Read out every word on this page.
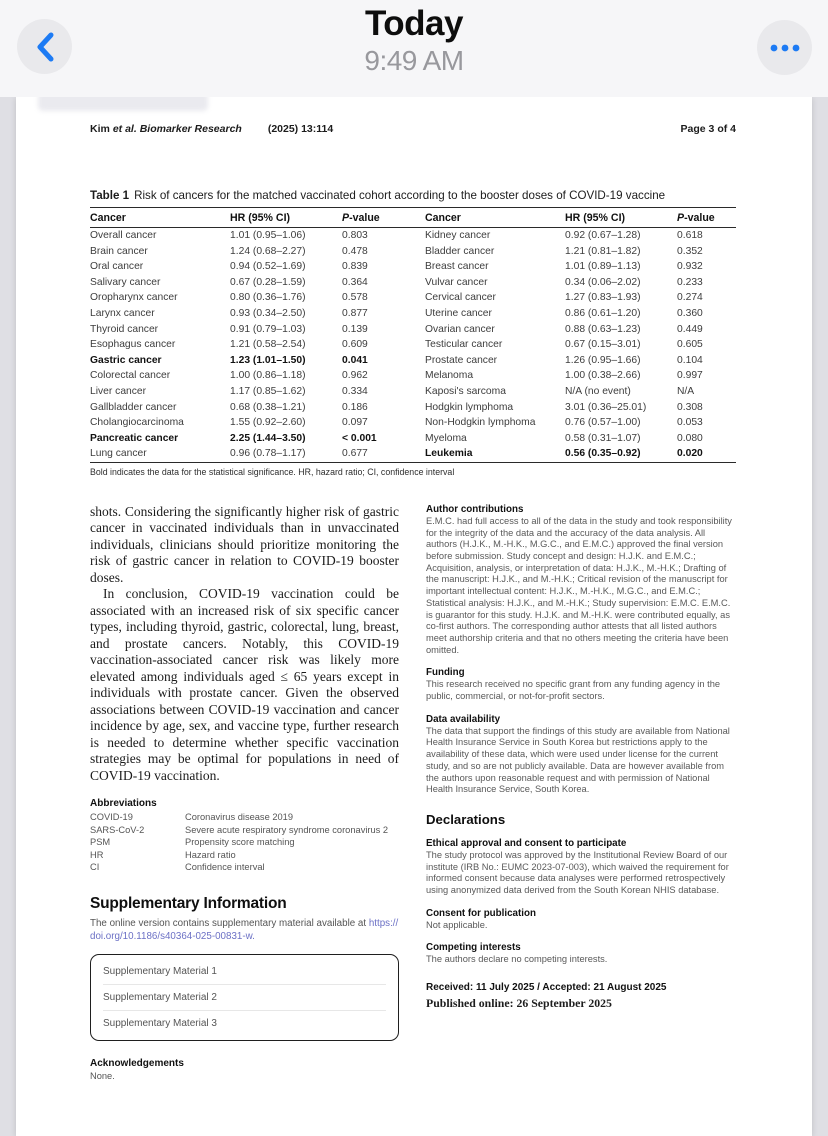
Today
9:49 AM
Kim et al. Biomarker Research (2025) 13:114	Page 3 of 4
Table 1 Risk of cancers for the matched vaccinated cohort according to the booster doses of COVID-19 vaccine
Cancer	HR (95% CI)	P-value	Cancer	HR (95% CI)	P-value
Overall cancer	1.01 (0.95–1.06)	0.803	Kidney cancer	0.92 (0.67–1.28)	0.618
Brain cancer	1.24 (0.68–2.27)	0.478	Bladder cancer	1.21 (0.81–1.82)	0.352
Oral cancer	0.94 (0.52–1.69)	0.839	Breast cancer	1.01 (0.89–1.13)	0.932
Salivary cancer	0.67 (0.28–1.59)	0.364	Vulvar cancer	0.34 (0.06–2.02)	0.233
Oropharynx cancer	0.80 (0.36–1.76)	0.578	Cervical cancer	1.27 (0.83–1.93)	0.274
Larynx cancer	0.93 (0.34–2.50)	0.877	Uterine cancer	0.86 (0.61–1.20)	0.360
Thyroid cancer	0.91 (0.79–1.03)	0.139	Ovarian cancer	0.88 (0.63–1.23)	0.449
Esophagus cancer	1.21 (0.58–2.54)	0.609	Testicular cancer	0.67 (0.15–3.01)	0.605
Gastric cancer	1.23 (1.01–1.50)	0.041	Prostate cancer	1.26 (0.95–1.66)	0.104
Colorectal cancer	1.00 (0.86–1.18)	0.962	Melanoma	1.00 (0.38–2.66)	0.997
Liver cancer	1.17 (0.85–1.62)	0.334	Kaposi's sarcoma	N/A (no event)	N/A
Gallbladder cancer	0.68 (0.38–1.21)	0.186	Hodgkin lymphoma	3.01 (0.36–25.01)	0.308
Cholangiocarcinoma	1.55 (0.92–2.60)	0.097	Non-Hodgkin lymphoma	0.76 (0.57–1.00)	0.053
Pancreatic cancer	2.25 (1.44–3.50)	< 0.001	Myeloma	0.58 (0.31–1.07)	0.080
Lung cancer	0.96 (0.78–1.17)	0.677	Leukemia	0.56 (0.35–0.92)	0.020
Bold indicates the data for the statistical significance. HR, hazard ratio; CI, confidence interval

shots. Considering the significantly higher risk of gastric cancer in vaccinated individuals than in unvaccinated individuals, clinicians should prioritize monitoring the risk of gastric cancer in relation to COVID-19 booster doses.

In conclusion, COVID-19 vaccination could be associated with an increased risk of six specific cancer types, including thyroid, gastric, colorectal, lung, breast, and prostate cancers. Notably, this COVID-19 vaccination-associated cancer risk was likely more elevated among individuals aged ≤ 65 years except in individuals with prostate cancer. Given the observed associations between COVID-19 vaccination and cancer incidence by age, sex, and vaccine type, further research is needed to determine whether specific vaccination strategies may be optimal for populations in need of COVID-19 vaccination.

Abbreviations
COVID-19	Coronavirus disease 2019
SARS-CoV-2	Severe acute respiratory syndrome coronavirus 2
PSM	Propensity score matching
HR	Hazard ratio
CI	Confidence interval
Supplementary Information
The online version contains supplementary material available at https://doi.org/10.1186/s40364-025-00831-w.
Supplementary Material 1
Supplementary Material 2
Supplementary Material 3
Acknowledgements
None.
Author contributions
E.M.C. had full access to all of the data in the study and took responsibility for the integrity of the data and the accuracy of the data analysis. All authors (H.J.K., M.-H.K., M.G.C., and E.M.C.) approved the final version before submission. Study concept and design: H.J.K. and E.M.C.; Acquisition, analysis, or interpretation of data: H.J.K., M.-H.K.; Drafting of the manuscript: H.J.K., and M.-H.K.; Critical revision of the manuscript for important intellectual content: H.J.K., M.-H.K., M.G.C., and E.M.C.; Statistical analysis: H.J.K., and M.-H.K.; Study supervision: E.M.C. E.M.C. is guarantor for this study. H.J.K. and M.-H.K. were contributed equally, as co-first authors. The corresponding author attests that all listed authors meet authorship criteria and that no others meeting the criteria have been omitted.
Funding
This research received no specific grant from any funding agency in the public, commercial, or not-for-profit sectors.
Data availability
The data that support the findings of this study are available from National Health Insurance Service in South Korea but restrictions apply to the availability of these data, which were used under license for the current study, and so are not publicly available. Data are however available from the authors upon reasonable request and with permission of National Health Insurance Service, South Korea.
Declarations
Ethical approval and consent to participate
The study protocol was approved by the Institutional Review Board of our institute (IRB No.: EUMC 2023-07-003), which waived the requirement for informed consent because data analyses were performed retrospectively using anonymized data derived from the South Korean NHIS database.
Consent for publication
Not applicable.
Competing interests
The authors declare no competing interests.
Received: 11 July 2025 / Accepted: 21 August 2025
Published online: 26 September 2025
